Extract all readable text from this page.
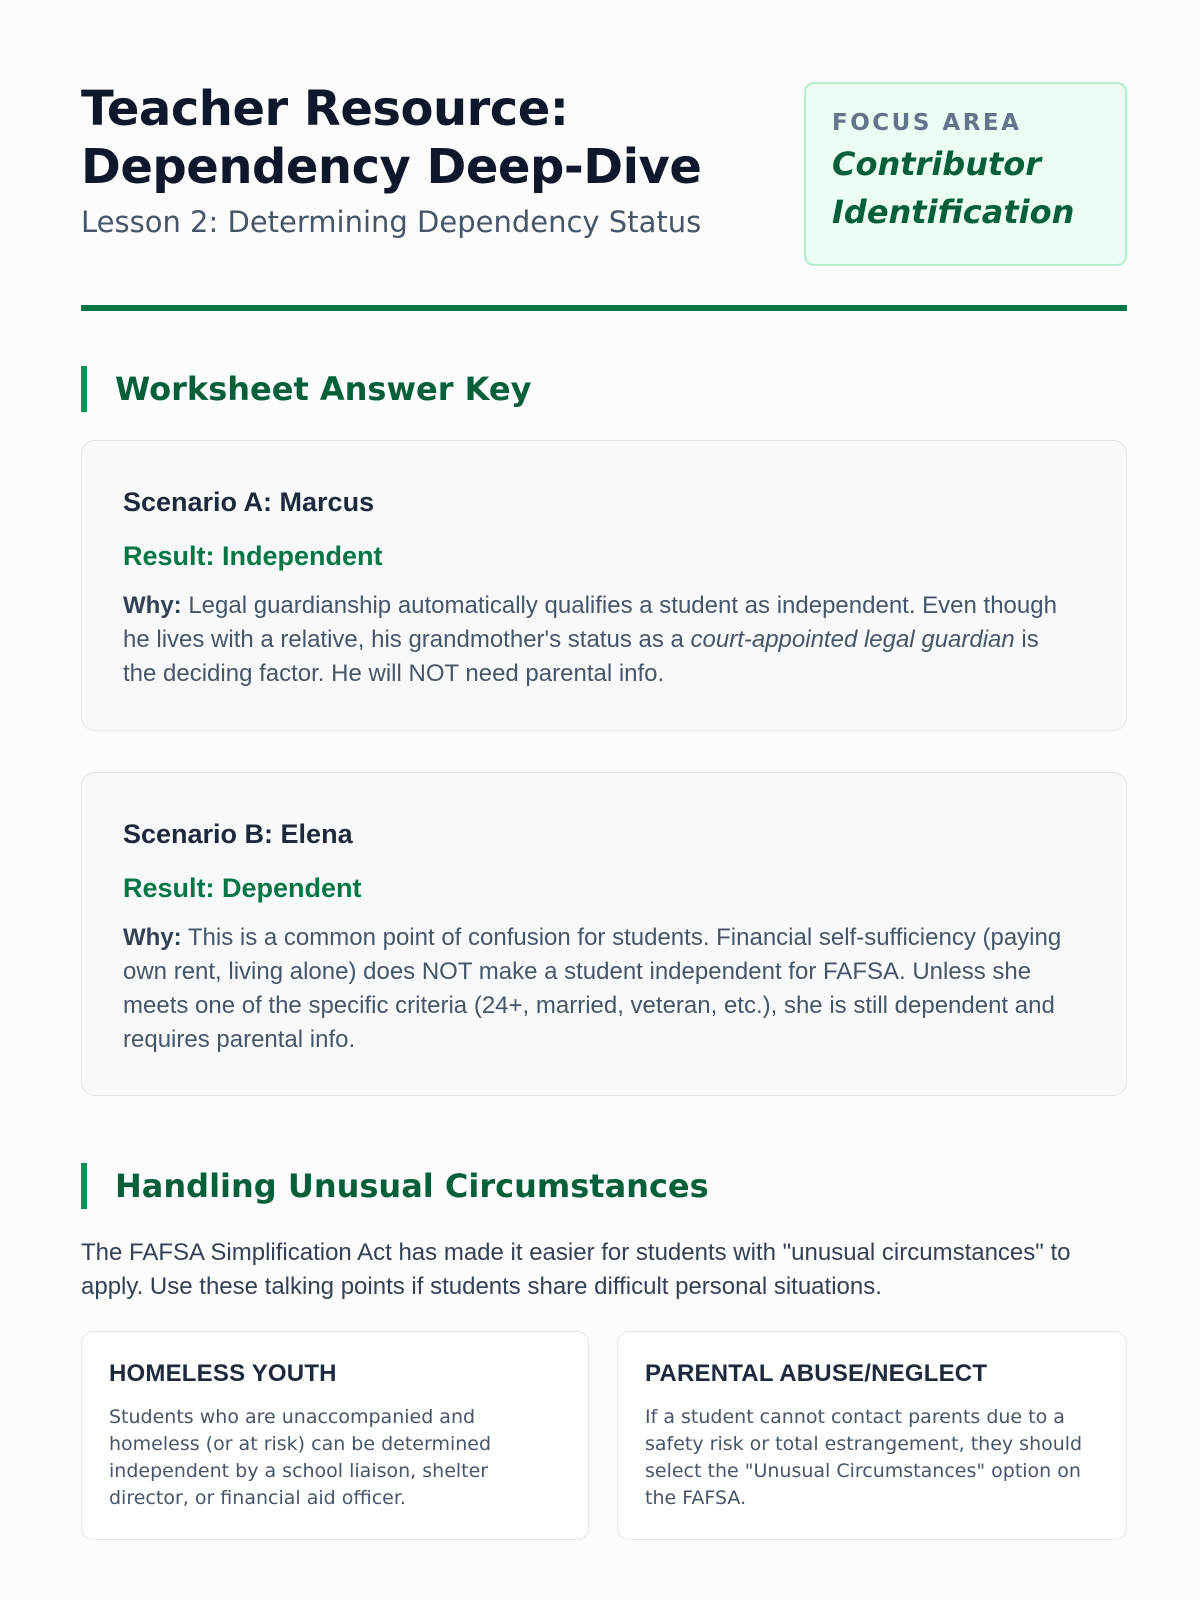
Teacher Resource:
Dependency Deep-Dive
Lesson 2: Determining Dependency Status
FOCUS AREA
Contributor
Identification
Worksheet Answer Key
Scenario A: Marcus
Result: Independent

Why: Legal guardianship automatically qualifies a student as independent. Even though he lives with a relative, his grandmother's status as a court-appointed legal guardian is the deciding factor. He will NOT need parental info.

Scenario B: Elena
Result: Dependent

Why: This is a common point of confusion for students. Financial self-sufficiency (paying own rent, living alone) does NOT make a student independent for FAFSA. Unless she meets one of the specific criteria (24+, married, veteran, etc.), she is still dependent and requires parental info.

Handling Unusual Circumstances

The FAFSA Simplification Act has made it easier for students with "unusual circumstances" to apply. Use these talking points if students share difficult personal situations.

HOMELESS YOUTH

Students who are unaccompanied and homeless (or at risk) can be determined independent by a school liaison, shelter director, or financial aid officer.

PARENTAL ABUSE/NEGLECT

If a student cannot contact parents due to a safety risk or total estrangement, they should select the "Unusual Circumstances" option on the FAFSA.
